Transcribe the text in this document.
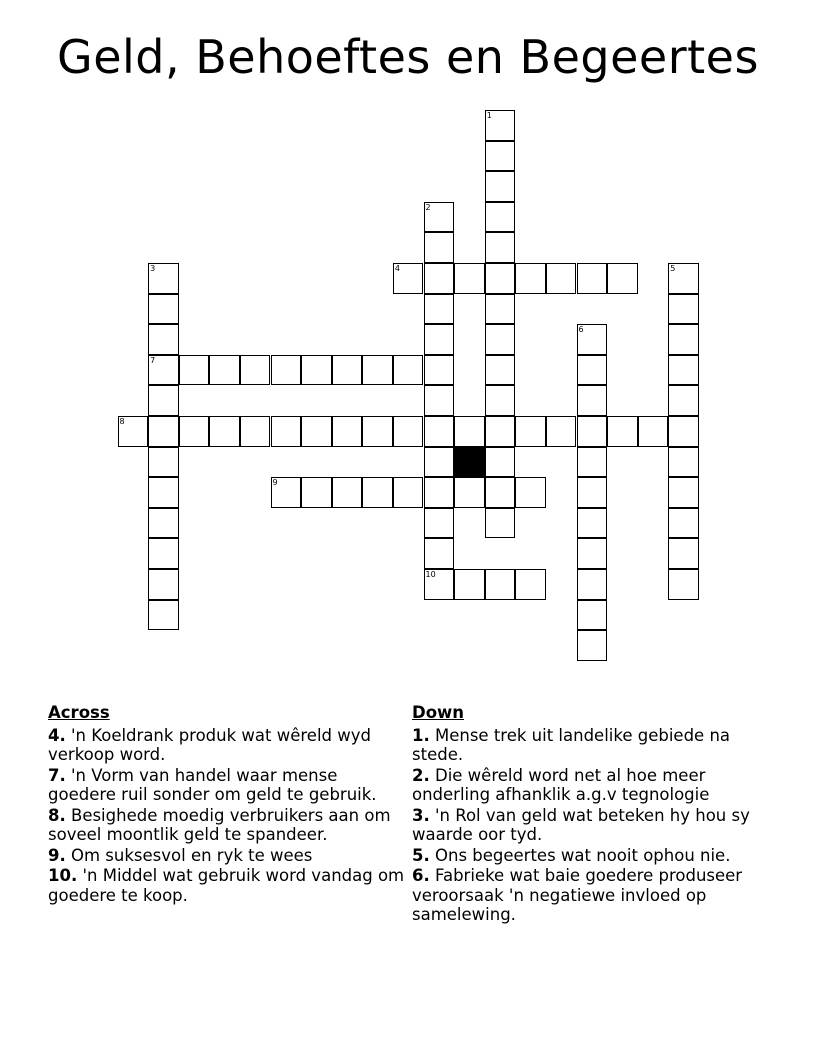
Geld, Behoeftes en Begeertes
1
2
10
3
7
4	5
6
8
9
Across
4. 'n Koeldrank produk wat wêreld wyd verkoop word.
7. 'n Vorm van handel waar mense goedere ruil sonder om geld te gebruik.
8. Besighede moedig verbruikers aan om soveel moontlik geld te spandeer.
9. Om suksesvol en ryk te wees
10. 'n Middel wat gebruik word vandag om goedere te koop.
Down
1. Mense trek uit landelike gebiede na stede.
2. Die wêreld word net al hoe meer onderling afhanklik a.g.v tegnologie
3. 'n Rol van geld wat beteken hy hou sy waarde oor tyd.
5. Ons begeertes wat nooit ophou nie.
6. Fabrieke wat baie goedere produseer veroorsaak 'n negatiewe invloed op samelewing.
